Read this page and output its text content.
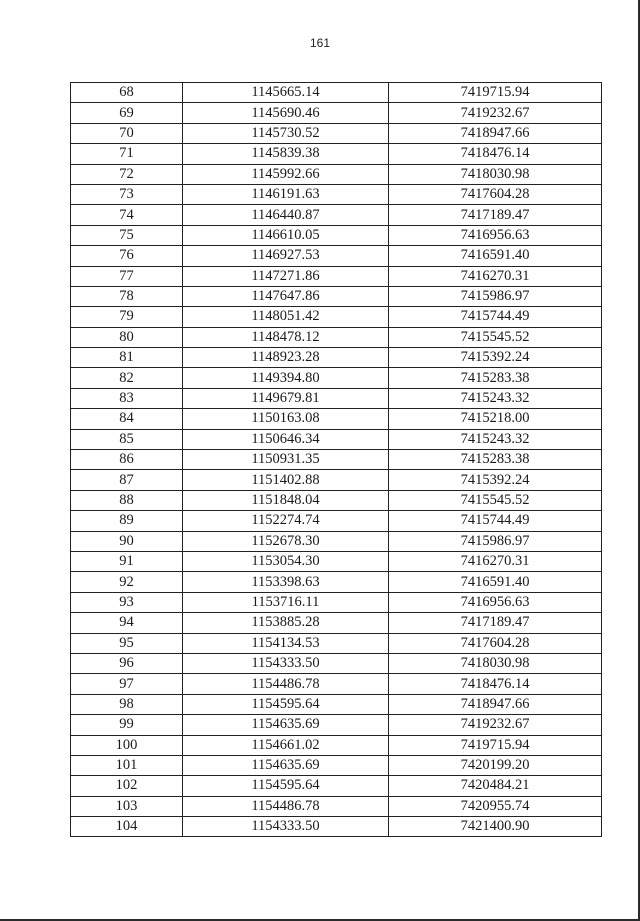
161
68	1145665.14	7419715.94
69	1145690.46	7419232.67
70	1145730.52	7418947.66
71	1145839.38	7418476.14
72	1145992.66	7418030.98
73	1146191.63	7417604.28
74	1146440.87	7417189.47
75	1146610.05	7416956.63
76	1146927.53	7416591.40
77	1147271.86	7416270.31
78	1147647.86	7415986.97
79	1148051.42	7415744.49
80	1148478.12	7415545.52
81	1148923.28	7415392.24
82	1149394.80	7415283.38
83	1149679.81	7415243.32
84	1150163.08	7415218.00
85	1150646.34	7415243.32
86	1150931.35	7415283.38
87	1151402.88	7415392.24
88	1151848.04	7415545.52
89	1152274.74	7415744.49
90	1152678.30	7415986.97
91	1153054.30	7416270.31
92	1153398.63	7416591.40
93	1153716.11	7416956.63
94	1153885.28	7417189.47
95	1154134.53	7417604.28
96	1154333.50	7418030.98
97	1154486.78	7418476.14
98	1154595.64	7418947.66
99	1154635.69	7419232.67
100	1154661.02	7419715.94
101	1154635.69	7420199.20
102	1154595.64	7420484.21
103	1154486.78	7420955.74
104	1154333.50	7421400.90
